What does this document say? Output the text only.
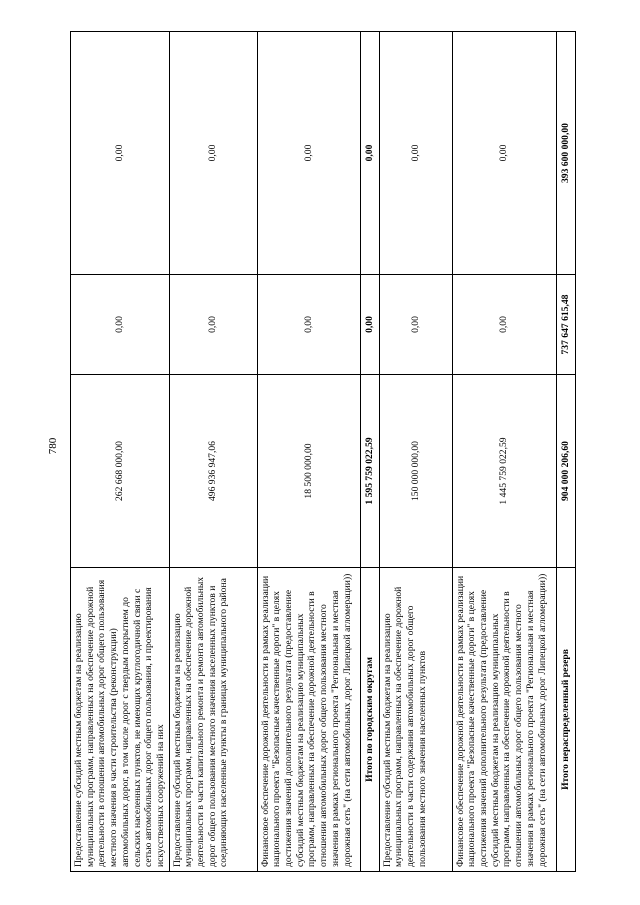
780
Предоставление субсидий местным бюджетам на реализацию муниципальных программ, направленных на обеспечение дорожной деятельности в отношении автомобильных дорог общего пользования местного значения в части строительства (реконструкции) автомобильных дорог, в том числе дорог с твердым покрытием до сельских населенных пунктов, не имеющих круглогодичной связи с сетью автомобильных дорог общего пользования, и проектирования искусственных сооружений на них	262 668 000,00	0,00	0,00
Предоставление субсидий местным бюджетам на реализацию муниципальных программ, направленных на обеспечение дорожной деятельности в части капитального ремонта и ремонта автомобильных дорог общего пользования местного значения населенных пунктов и соединяющих населенные пункты в границах муниципального района	496 936 947,06	0,00	0,00
Финансовое обеспечение дорожной деятельности в рамках реализации национального проекта "Безопасные качественные дороги" в целях достижения значений дополнительного результата (предоставление субсидий местным бюджетам на реализацию муниципальных программ, направленных на обеспечение дорожной деятельности в отношении автомобильных дорог общего пользования местного значения в рамках регионального проекта "Региональная и местная дорожная сеть" (на сети автомобильных дорог Липецкой агломерации))	18 500 000,00	0,00	0,00
Итого по городским округам	1 595 759 022,59	0,00	0,00
Предоставление субсидий местным бюджетам на реализацию муниципальных программ, направленных на обеспечение дорожной деятельности в части содержания автомобильных дорог общего пользования местного значения населенных пунктов	150 000 000,00	0,00	0,00
Финансовое обеспечение дорожной деятельности в рамках реализации национального проекта "Безопасные качественные дороги" в целях достижения значений дополнительного результата (предоставление субсидий местным бюджетам на реализацию муниципальных программ, направленных на обеспечение дорожной деятельности в отношении автомобильных дорог общего пользования местного значения в рамках регионального проекта "Региональная и местная дорожная сеть" (на сети автомобильных дорог Липецкой агломерации))	1 445 759 022,59	0,00	0,00
Итого нераспределенный резерв	904 000 206,60	737 647 615,48	393 600 000,00
